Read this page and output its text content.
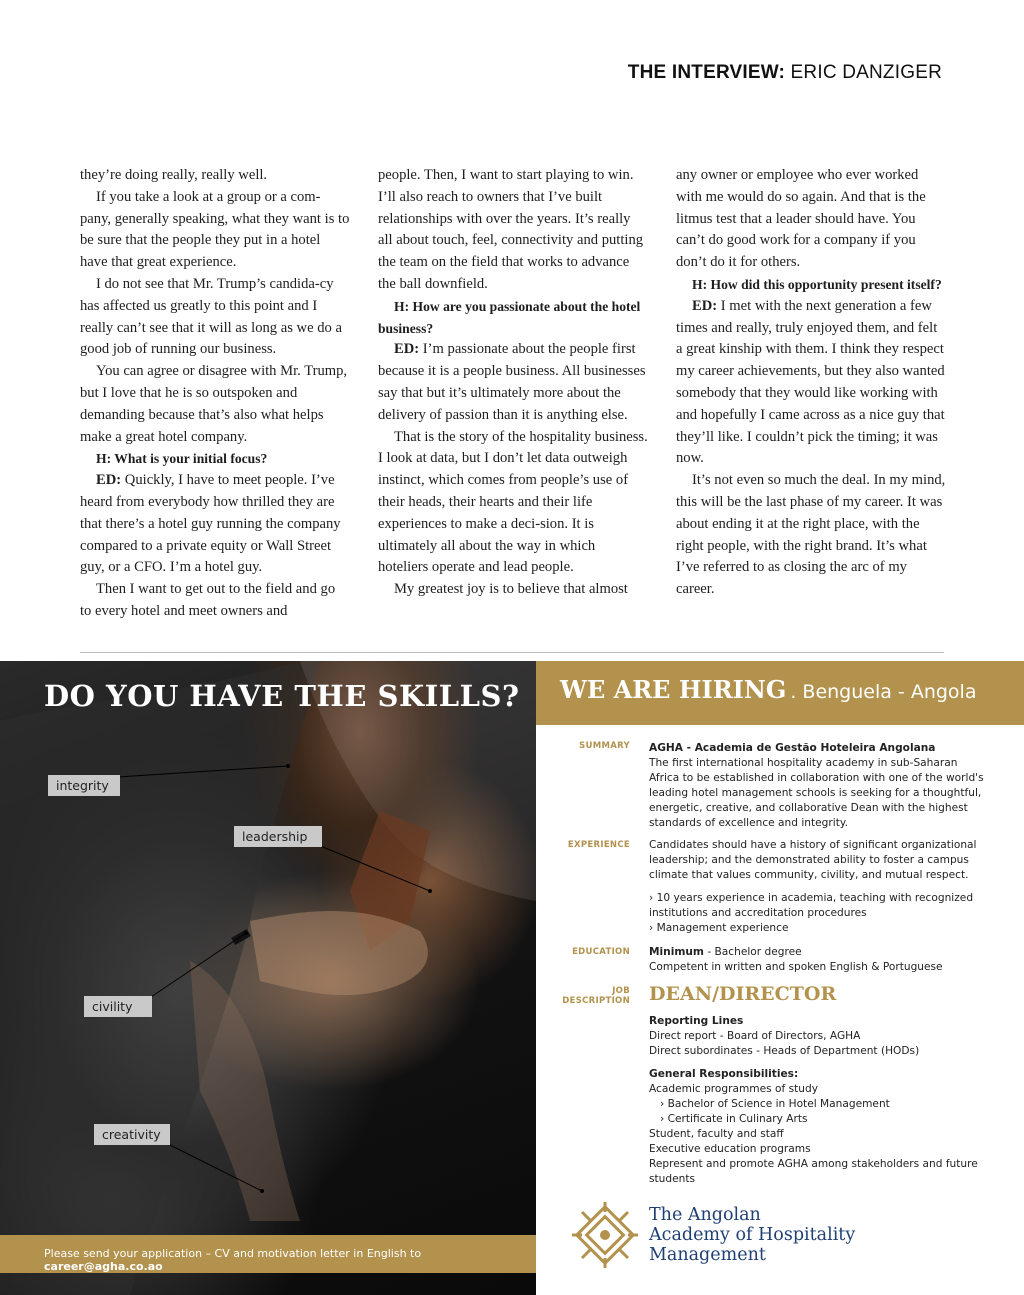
THE INTERVIEW: ERIC DANZIGER

they’re doing really, really well.

If you take a look at a group or a com-pany, generally speaking, what they want is to be sure that the people they put in a hotel have that great experience.

I do not see that Mr. Trump’s candida-cy has affected us greatly to this point and I really can’t see that it will as long as we do a good job of running our business.

You can agree or disagree with Mr. Trump, but I love that he is so outspoken and demanding because that’s also what helps make a great hotel company.

H: What is your initial focus?

ED: Quickly, I have to meet people. I’ve heard from everybody how thrilled they are that there’s a hotel guy running the company compared to a private equity or Wall Street guy, or a CFO. I’m a hotel guy.

Then I want to get out to the field and go to every hotel and meet owners and

people. Then, I want to start playing to win. I’ll also reach to owners that I’ve built relationships with over the years. It’s really all about touch, feel, connectivity and putting the team on the field that works to advance the ball downfield.

H: How are you passionate about the hotel business?

ED: I’m passionate about the people first because it is a people business. All businesses say that but it’s ultimately more about the delivery of passion than it is anything else.

That is the story of the hospitality business. I look at data, but I don’t let data outweigh instinct, which comes from people’s use of their heads, their hearts and their life experiences to make a deci-sion. It is ultimately all about the way in which hoteliers operate and lead people.

My greatest joy is to believe that almost

any owner or employee who ever worked with me would do so again. And that is the litmus test that a leader should have. You can’t do good work for a company if you don’t do it for others.

H: How did this opportunity present itself?

ED: I met with the next generation a few times and really, truly enjoyed them, and felt a great kinship with them. I think they respect my career achievements, but they also wanted somebody that they would like working with and hopefully I came across as a nice guy that they’ll like. I couldn’t pick the timing; it was now.

It’s not even so much the deal. In my mind, this will be the last phase of my career. It was about ending it at the right place, with the right people, with the right brand. It’s what I’ve referred to as closing the arc of my career.

DO YOU HAVE THE SKILLS?
integrity
leadership
civility
creativity
Please send your application – CV and motivation letter in English to career@agha.co.ao
WE ARE HIRING . Benguela - Angola
SUMMARY AGHA - Academia de Gestão Hoteleira Angolana
The first international hospitality academy in sub-Saharan Africa to be established in collaboration with one of the world's leading hotel management schools is seeking for a thoughtful, energetic, creative, and collaborative Dean with the highest standards of excellence and integrity.
EXPERIENCE Candidates should have a history of significant organizational leadership; and the demonstrated ability to foster a campus climate that values community, civility, and mutual respect.
› 10 years experience in academia, teaching with recognized institutions and accreditation procedures
› Management experience
EDUCATION Minimum - Bachelor degree
Competent in written and spoken English & Portuguese
JOB
DESCRIPTION DEAN/DIRECTOR
Reporting Lines
Direct report - Board of Directors, AGHA
Direct subordinates - Heads of Department (HODs)
General Responsibilities:
Academic programmes of study
› Bachelor of Science in Hotel Management
› Certificate in Culinary Arts
Student, faculty and staff
Executive education programs
Represent and promote AGHA among stakeholders and future students
The Angolan
Academy of Hospitality
Management
